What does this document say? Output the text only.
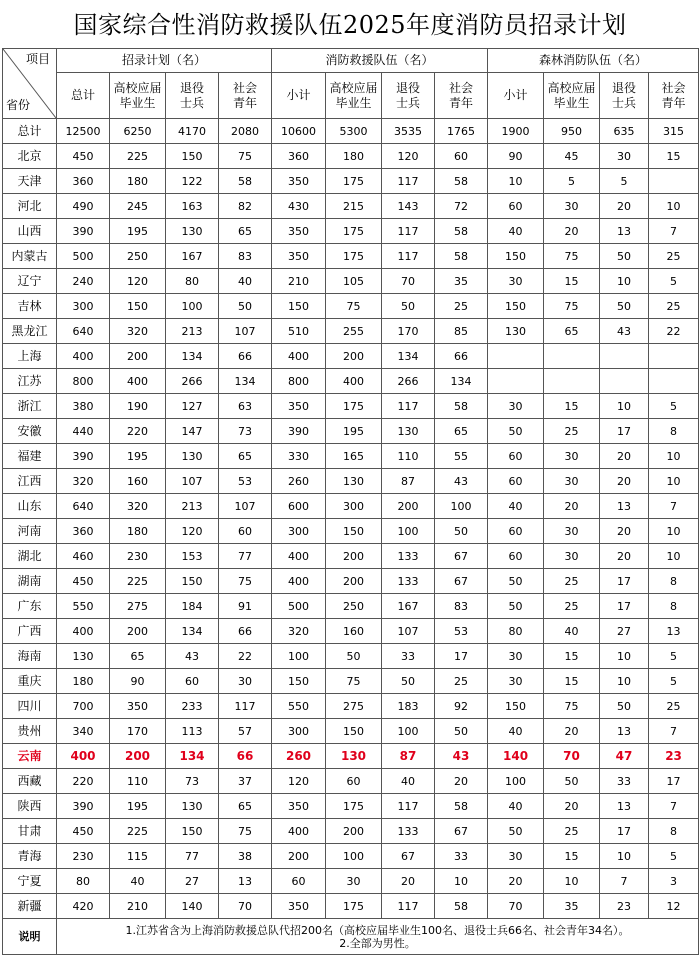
国家综合性消防救援队伍2025年度消防员招录计划
项目
省份	招录计划（名）				消防救援队伍（名）				森林消防队伍（名）			

	总计	高校应届
毕业生	退役
士兵	社会
青年	小计	高校应届
毕业生	退役
士兵	社会
青年	小计	高校应届
毕业生	退役
士兵	社会
青年

总计	12500	6250	4170	2080	10600	5300	3535	1765	1900	950	635	315
北京	450	225	150	75	360	180	120	60	90	45	30	15
天津	360	180	122	58	350	175	117	58	10	5	5	
河北	490	245	163	82	430	215	143	72	60	30	20	10
山西	390	195	130	65	350	175	117	58	40	20	13	7
内蒙古	500	250	167	83	350	175	117	58	150	75	50	25
辽宁	240	120	80	40	210	105	70	35	30	15	10	5
吉林	300	150	100	50	150	75	50	25	150	75	50	25
黑龙江	640	320	213	107	510	255	170	85	130	65	43	22
上海	400	200	134	66	400	200	134	66				
江苏	800	400	266	134	800	400	266	134				
浙江	380	190	127	63	350	175	117	58	30	15	10	5
安徽	440	220	147	73	390	195	130	65	50	25	17	8
福建	390	195	130	65	330	165	110	55	60	30	20	10
江西	320	160	107	53	260	130	87	43	60	30	20	10
山东	640	320	213	107	600	300	200	100	40	20	13	7
河南	360	180	120	60	300	150	100	50	60	30	20	10
湖北	460	230	153	77	400	200	133	67	60	30	20	10
湖南	450	225	150	75	400	200	133	67	50	25	17	8
广东	550	275	184	91	500	250	167	83	50	25	17	8
广西	400	200	134	66	320	160	107	53	80	40	27	13
海南	130	65	43	22	100	50	33	17	30	15	10	5
重庆	180	90	60	30	150	75	50	25	30	15	10	5
四川	700	350	233	117	550	275	183	92	150	75	50	25
贵州	340	170	113	57	300	150	100	50	40	20	13	7
云南	400	200	134	66	260	130	87	43	140	70	47	23
西藏	220	110	73	37	120	60	40	20	100	50	33	17
陕西	390	195	130	65	350	175	117	58	40	20	13	7
甘肃	450	225	150	75	400	200	133	67	50	25	17	8
青海	230	115	77	38	200	100	67	33	30	15	10	5
宁夏	80	40	27	13	60	30	20	10	20	10	7	3
新疆	420	210	140	70	350	175	117	58	70	35	23	12
说明	1.江苏省含为上海消防救援总队代招200名（高校应届毕业生100名、退役士兵66名、社会青年34名）。
2.全部为男性。											
